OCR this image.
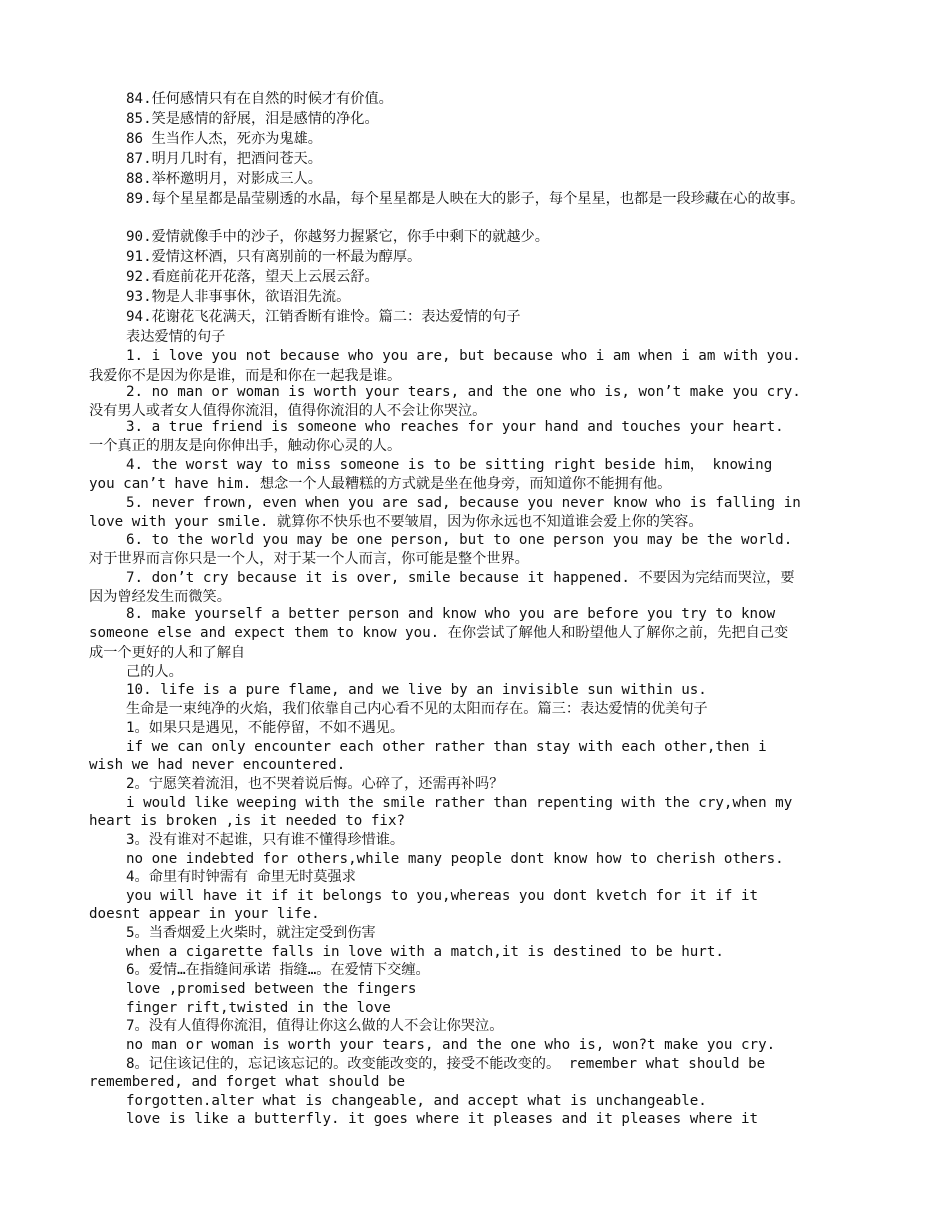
84.任何感情只有在自然的时候才有价值。
85.笑是感情的舒展，泪是感情的净化。
86 生当作人杰，死亦为鬼雄。
87.明月几时有，把酒问苍天。
88.举杯邀明月，对影成三人。
89.每个星星都是晶莹剔透的水晶，每个星星都是人映在大的影子，每个星星，也都是一段珍藏在心的故事。
90.爱情就像手中的沙子，你越努力握紧它，你手中剩下的就越少。
91.爱情这杯酒，只有离别前的一杯最为醇厚。
92.看庭前花开花落，望天上云展云舒。
93.物是人非事事休，欲语泪先流。
94.花谢花飞花满天，江销香断有谁怜。篇二：表达爱情的句子
表达爱情的句子
1. i love you not because who you are, but because who i am when i am with you.
我爱你不是因为你是谁，而是和你在一起我是谁。
2. no man or woman is worth your tears, and the one who is, won’t make you cry.
没有男人或者女人值得你流泪，值得你流泪的人不会让你哭泣。
3. a true friend is someone who reaches for your hand and touches your heart.
一个真正的朋友是向你伸出手，触动你心灵的人。
4. the worst way to miss someone is to be sitting right beside him， knowing
you can’t have him. 想念一个人最糟糕的方式就是坐在他身旁，而知道你不能拥有他。
5. never frown, even when you are sad, because you never know who is falling in
love with your smile. 就算你不快乐也不要皱眉，因为你永远也不知道谁会爱上你的笑容。
6. to the world you may be one person, but to one person you may be the world.
对于世界而言你只是一个人，对于某一个人而言，你可能是整个世界。
7. don’t cry because it is over, smile because it happened. 不要因为完结而哭泣，要
因为曾经发生而微笑。
8. make yourself a better person and know who you are before you try to know
someone else and expect them to know you. 在你尝试了解他人和盼望他人了解你之前，先把自己变
成一个更好的人和了解自
己的人。
10. life is a pure flame, and we live by an invisible sun within us.
生命是一束纯净的火焰，我们依靠自己内心看不见的太阳而存在。篇三：表达爱情的优美句子
1。如果只是遇见，不能停留，不如不遇见。
if we can only encounter each other rather than stay with each other,then i
wish we had never encountered.
2。宁愿笑着流泪，也不哭着说后悔。心碎了，还需再补吗？
i would like weeping with the smile rather than repenting with the cry,when my
heart is broken ,is it needed to fix?
3。没有谁对不起谁，只有谁不懂得珍惜谁。
no one indebted for others,while many people dont know how to cherish others.
4。命里有时钟需有 命里无时莫强求
you will have it if it belongs to you,whereas you dont kvetch for it if it
doesnt appear in your life.
5。当香烟爱上火柴时，就注定受到伤害
when a cigarette falls in love with a match,it is destined to be hurt.
6。爱情…在指缝间承诺 指缝…。在爱情下交缠。
love ,promised between the fingers
finger rift,twisted in the love
7。没有人值得你流泪，值得让你这么做的人不会让你哭泣。
no man or woman is worth your tears, and the one who is, won?t make you cry.
8。记住该记住的，忘记该忘记的。改变能改变的，接受不能改变的。 remember what should be
remembered, and forget what should be
forgotten.alter what is changeable, and accept what is unchangeable.
love is like a butterfly. it goes where it pleases and it pleases where it
